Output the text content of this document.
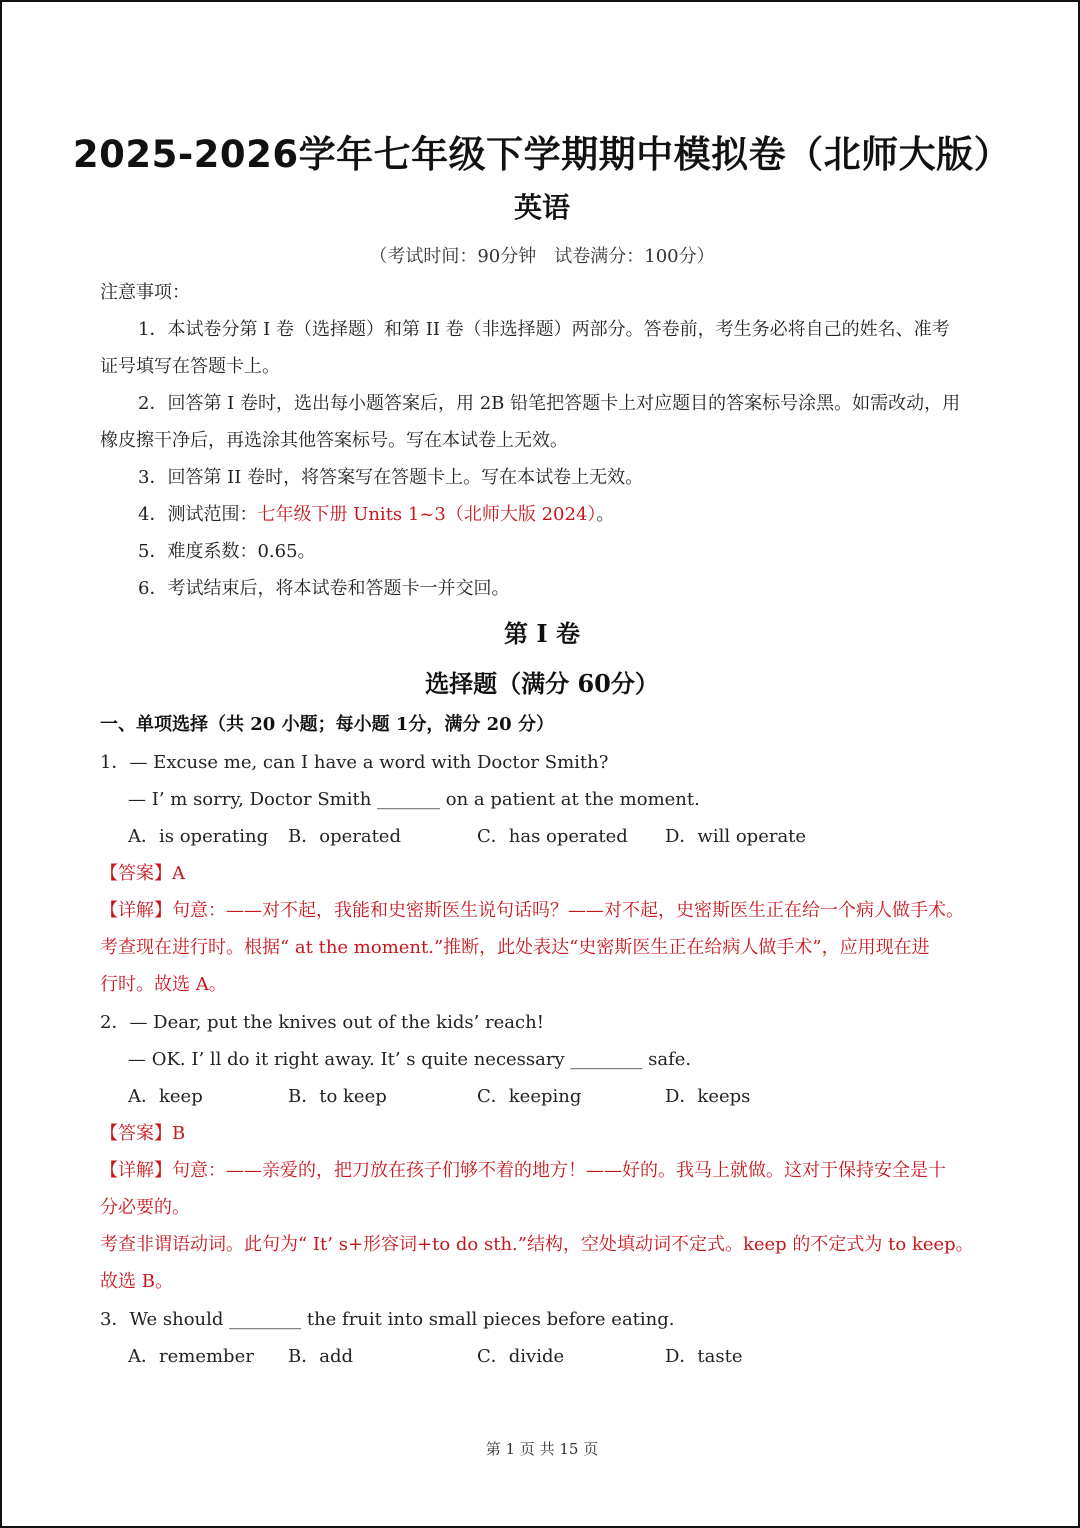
2025-2026学年七年级下学期期中模拟卷（北师大版）
英语
（考试时间：90分钟　试卷满分：100分）
注意事项：
1．本试卷分第 I 卷（选择题）和第 II 卷（非选择题）两部分。答卷前，考生务必将自己的姓名、准考
证号填写在答题卡上。
2．回答第 I 卷时，选出每小题答案后，用 2B 铅笔把答题卡上对应题目的答案标号涂黑。如需改动，用
橡皮擦干净后，再选涂其他答案标号。写在本试卷上无效。
3．回答第 II 卷时，将答案写在答题卡上。写在本试卷上无效。
4．测试范围：七年级下册 Units 1~3（北师大版 2024）。
5．难度系数：0.65。
6．考试结束后，将本试卷和答题卡一并交回。
第 I 卷
选择题（满分 60分）
一、单项选择（共 20 小题；每小题 1分，满分 20 分）
1．— Excuse me, can I have a word with Doctor Smith?
— I’ m sorry, Doctor Smith _______ on a patient at the moment.
A．is operating B．operated	C．has operated D．will operate
【答案】A
【详解】句意：——对不起，我能和史密斯医生说句话吗？——对不起，史密斯医生正在给一个病人做手术。
考查现在进行时。根据“ at the moment.”推断，此处表达“史密斯医生正在给病人做手术”，应用现在进
行时。故选 A。
2．— Dear, put the knives out of the kids’ reach!
— OK. I’ ll do it right away. It’ s quite necessary ________ safe.
A．keep	B．to keep	C．keeping	D．keeps
【答案】B
【详解】句意：——亲爱的，把刀放在孩子们够不着的地方！——好的。我马上就做。这对于保持安全是十
分必要的。
考查非谓语动词。此句为“ It’ s+形容词+to do sth.”结构，空处填动词不定式。keep 的不定式为 to keep。
故选 B。
3．We should ________ the fruit into small pieces before eating.
A．remember B．add	C．divide	D．taste
第 1 页 共 15 页
